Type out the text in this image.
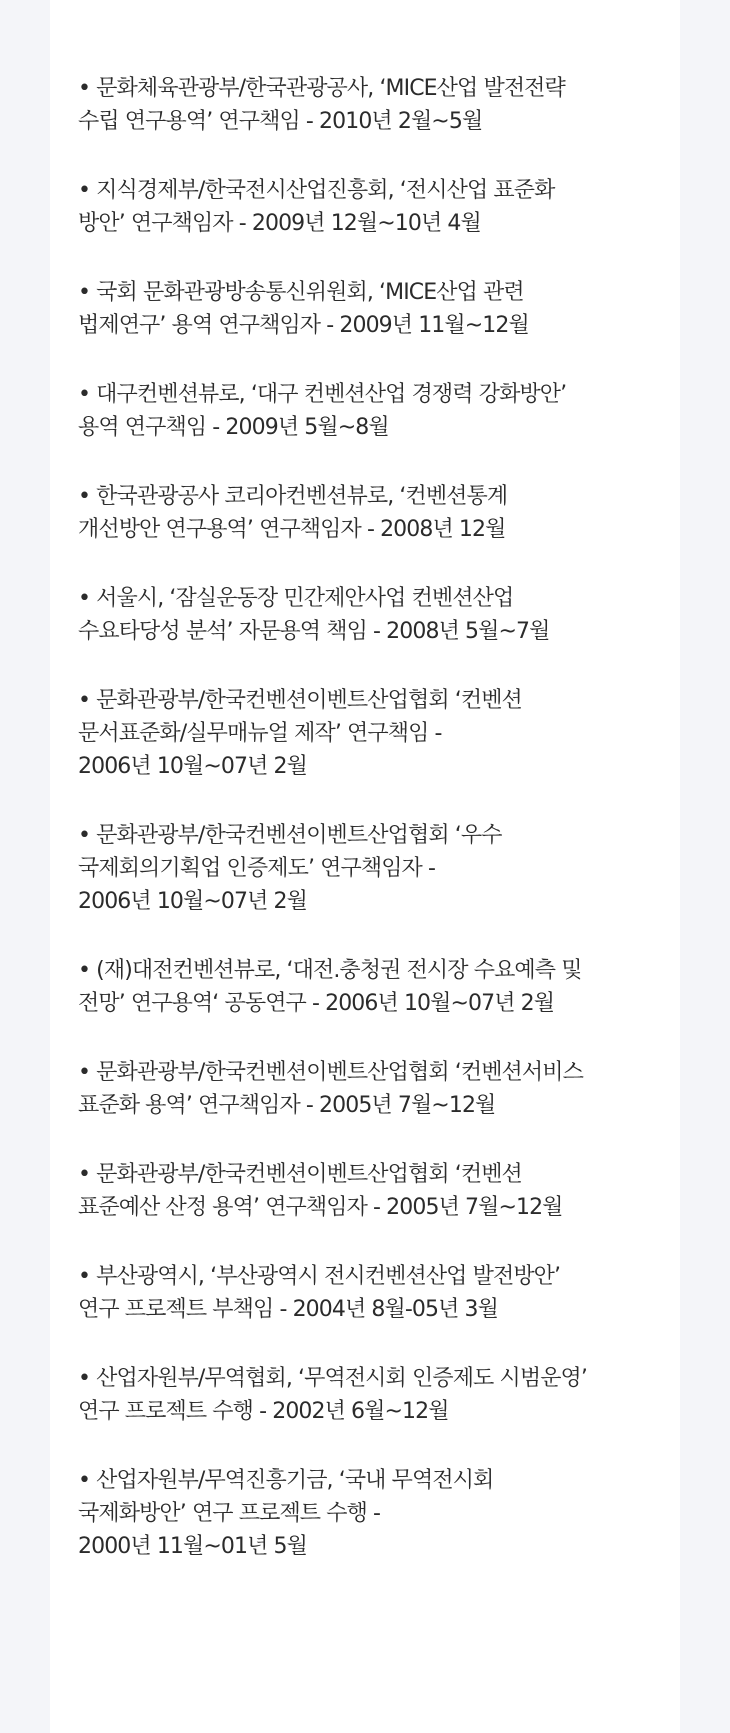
• 문화체육관광부/한국관광공사, ‘MICE산업 발전전략
수립 연구용역’ 연구책임 - 2010년 2월~5월
• 지식경제부/한국전시산업진흥회, ‘전시산업 표준화
방안’ 연구책임자 - 2009년 12월~10년 4월
• 국회 문화관광방송통신위원회, ‘MICE산업 관련
법제연구’ 용역 연구책임자 - 2009년 11월~12월
• 대구컨벤션뷰로, ‘대구 컨벤션산업 경쟁력 강화방안’
용역 연구책임 - 2009년 5월~8월
• 한국관광공사 코리아컨벤션뷰로, ‘컨벤션통계
개선방안 연구용역’ 연구책임자 - 2008년 12월
• 서울시, ‘잠실운동장 민간제안사업 컨벤션산업
수요타당성 분석’ 자문용역 책임 - 2008년 5월~7월
• 문화관광부/한국컨벤션이벤트산업협회 ‘컨벤션
문서표준화/실무매뉴얼 제작’ 연구책임 -
2006년 10월~07년 2월
• 문화관광부/한국컨벤션이벤트산업협회 ‘우수
국제회의기획업 인증제도’ 연구책임자 -
2006년 10월~07년 2월
• (재)대전컨벤션뷰로, ‘대전.충청권 전시장 수요예측 및
전망’ 연구용역‘ 공동연구 - 2006년 10월~07년 2월
• 문화관광부/한국컨벤션이벤트산업협회 ‘컨벤션서비스
표준화 용역’ 연구책임자 - 2005년 7월~12월
• 문화관광부/한국컨벤션이벤트산업협회 ‘컨벤션
표준예산 산정 용역’ 연구책임자 - 2005년 7월~12월
• 부산광역시, ‘부산광역시 전시컨벤션산업 발전방안’
연구 프로젝트 부책임 - 2004년 8월-05년 3월
• 산업자원부/무역협회, ‘무역전시회 인증제도 시범운영’
연구 프로젝트 수행 - 2002년 6월~12월
• 산업자원부/무역진흥기금, ‘국내 무역전시회
국제화방안’ 연구 프로젝트 수행 -
2000년 11월~01년 5월
